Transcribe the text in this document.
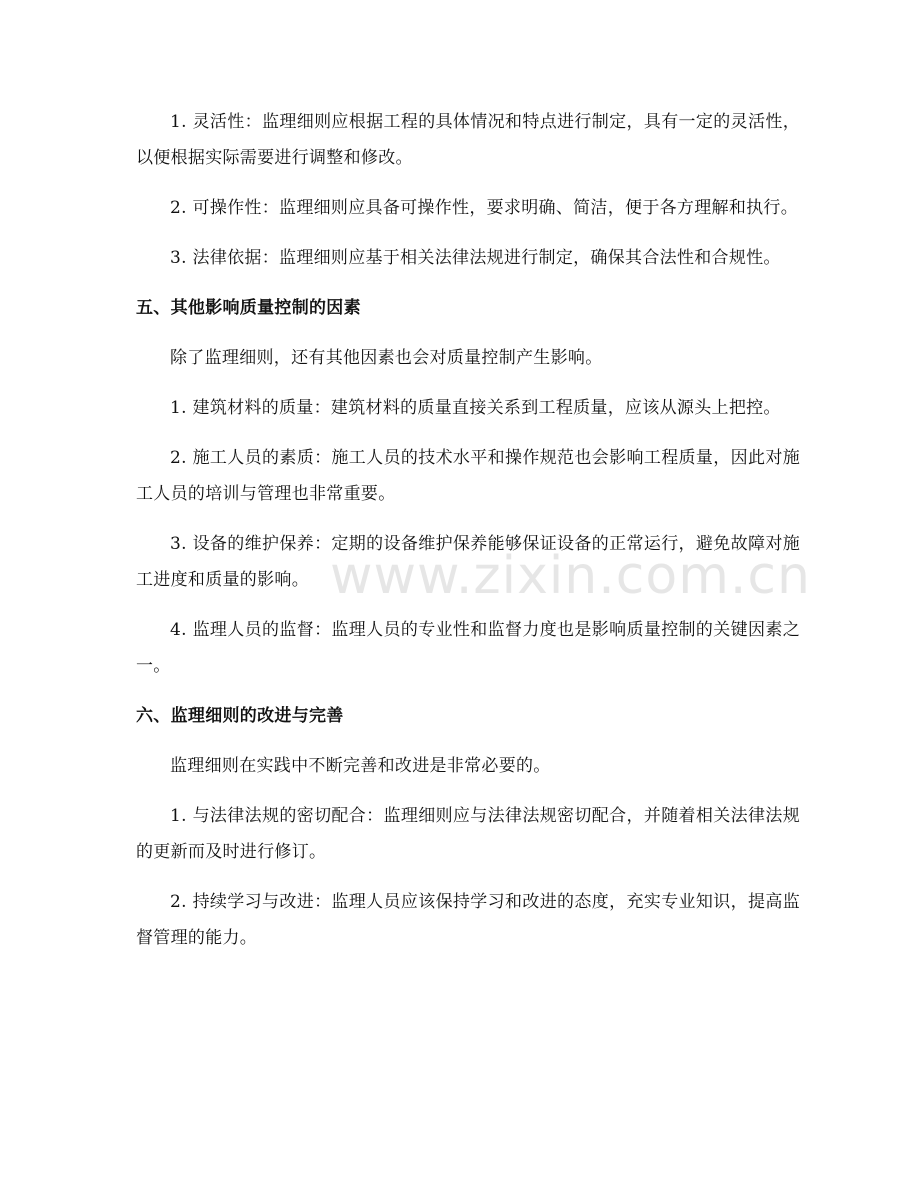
www.zixin.com.cn

1. 灵活性：监理细则应根据工程的具体情况和特点进行制定，具有一定的灵活性，以便根据实际需要进行调整和修改。

2. 可操作性：监理细则应具备可操作性，要求明确、简洁，便于各方理解和执行。

3. 法律依据：监理细则应基于相关法律法规进行制定，确保其合法性和合规性。

五、其他影响质量控制的因素

除了监理细则，还有其他因素也会对质量控制产生影响。

1. 建筑材料的质量：建筑材料的质量直接关系到工程质量，应该从源头上把控。

2. 施工人员的素质：施工人员的技术水平和操作规范也会影响工程质量，因此对施工人员的培训与管理也非常重要。

3. 设备的维护保养：定期的设备维护保养能够保证设备的正常运行，避免故障对施工进度和质量的影响。

4. 监理人员的监督：监理人员的专业性和监督力度也是影响质量控制的关键因素之一。

六、监理细则的改进与完善

监理细则在实践中不断完善和改进是非常必要的。

1. 与法律法规的密切配合：监理细则应与法律法规密切配合，并随着相关法律法规的更新而及时进行修订。

2. 持续学习与改进：监理人员应该保持学习和改进的态度，充实专业知识，提高监督管理的能力。
